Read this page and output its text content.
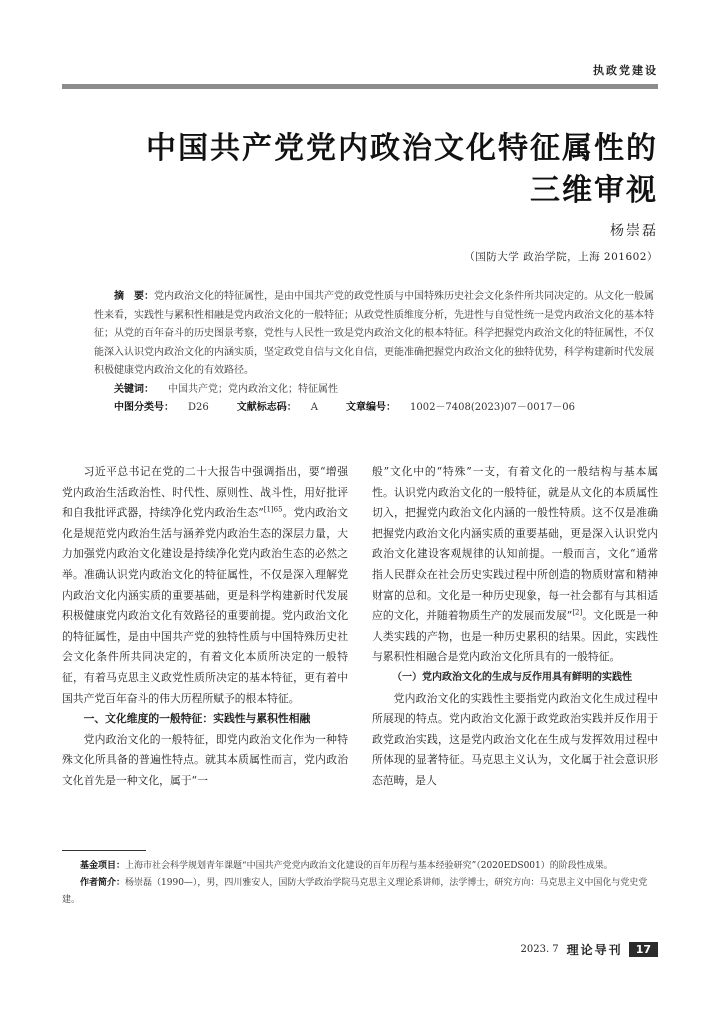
执政党建设
中国共产党党内政治文化特征属性的
三维审视
杨崇磊
（国防大学 政治学院，上海 201602）

摘　要：党内政治文化的特征属性，是由中国共产党的政党性质与中国特殊历史社会文化条件所共同决定的。从文化一般属性来看，实践性与累积性相融是党内政治文化的一般特征；从政党性质维度分析，先进性与自觉性统一是党内政治文化的基本特征；从党的百年奋斗的历史图景考察，党性与人民性一致是党内政治文化的根本特征。科学把握党内政治文化的特征属性，不仅能深入认识党内政治文化的内涵实质，坚定政党自信与文化自信，更能准确把握党内政治文化的独特优势，科学构建新时代发展积极健康党内政治文化的有效路径。

关键词： 中国共产党；党内政治文化；特征属性

中图分类号： D26	文献标志码： A	文章编号： 1002－7408(2023)07－0017－06

习近平总书记在党的二十大报告中强调指出，要“增强党内政治生活政治性、时代性、原则性、战斗性，用好批评和自我批评武器，持续净化党内政治生态”$^{[1]65}$。党内政治文化是规范党内政治生活与涵养党内政治生态的深层力量，大力加强党内政治文化建设是持续净化党内政治生态的必然之举。准确认识党内政治文化的特征属性，不仅是深入理解党内政治文化内涵实质的重要基础，更是科学构建新时代发展积极健康党内政治文化有效路径的重要前提。党内政治文化的特征属性，是由中国共产党的独特性质与中国特殊历史社会文化条件所共同决定的，有着文化本质所决定的一般特征，有着马克思主义政党性质所决定的基本特征，更有着中国共产党百年奋斗的伟大历程所赋予的根本特征。

一、文化维度的一般特征：实践性与累积性相融

党内政治文化的一般特征，即党内政治文化作为一种特殊文化所具备的普遍性特点。就其本质属性而言，党内政治文化首先是一种文化，属于“一

般”文化中的“特殊”一支，有着文化的一般结构与基本属性。认识党内政治文化的一般特征，就是从文化的本质属性切入，把握党内政治文化内涵的一般性特质。这不仅是准确把握党内政治文化内涵实质的重要基础，更是深入认识党内政治文化建设客观规律的认知前提。一般而言，文化“通常指人民群众在社会历史实践过程中所创造的物质财富和精神财富的总和。文化是一种历史现象，每一社会都有与其相适应的文化，并随着物质生产的发展而发展”[2]。文化既是一种人类实践的产物，也是一种历史累积的结果。因此，实践性与累积性相融合是党内政治文化所具有的一般特征。

（一）党内政治文化的生成与反作用具有鲜明的实践性

党内政治文化的实践性主要指党内政治文化生成过程中所展现的特点。党内政治文化源于政党政治实践并反作用于政党政治实践，这是党内政治文化在生成与发挥效用过程中所体现的显著特征。马克思主义认为，文化属于社会意识形态范畴，是人

基金项目：上海市社会科学规划青年课题“中国共产党党内政治文化建设的百年历程与基本经验研究”（2020EDS001）的阶段性成果。

作者简介：杨崇磊（1990—），男，四川雅安人，国防大学政治学院马克思主义理论系讲师，法学博士，研究方向：马克思主义中国化与党史党建。

2023. 7 理论导刊	17
